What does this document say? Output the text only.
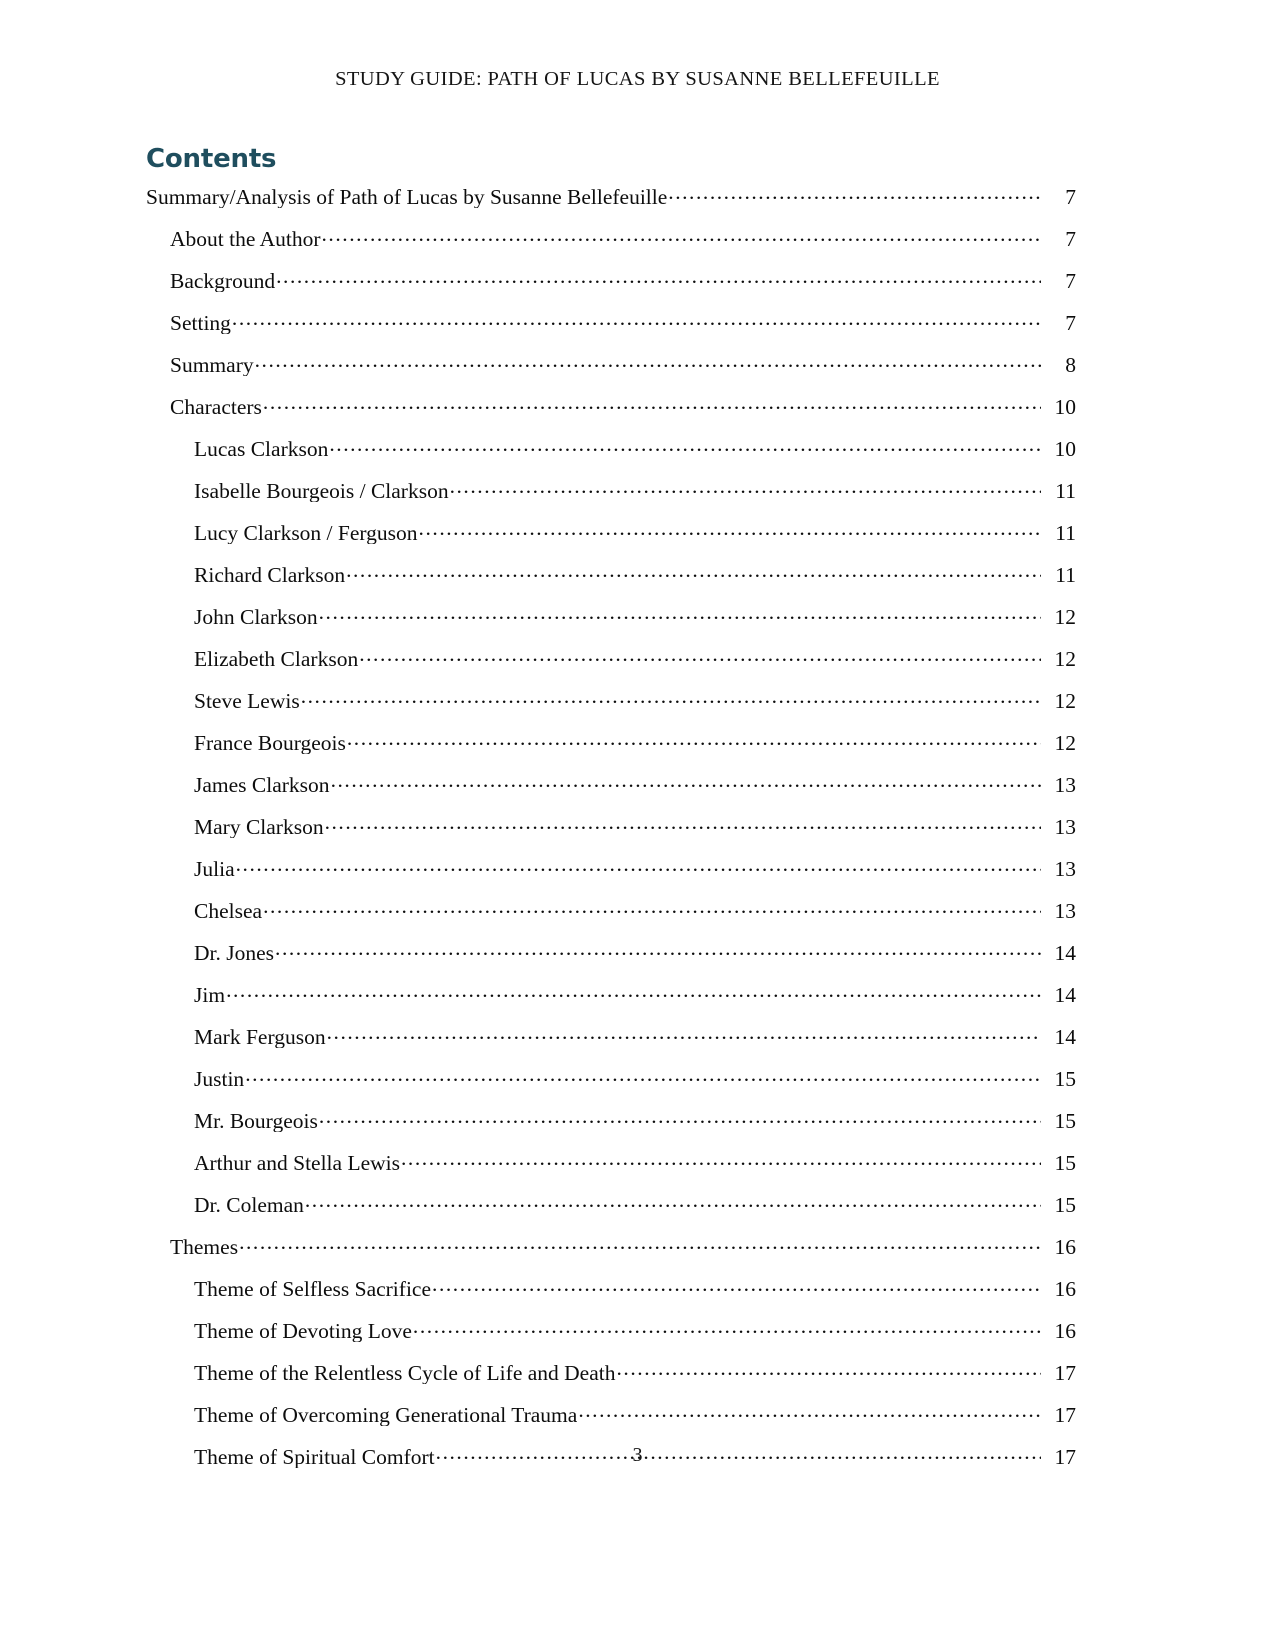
STUDY GUIDE: PATH OF LUCAS BY SUSANNE BELLEFEUILLE
Contents
Summary/Analysis of Path of Lucas by Susanne Bellefeuille .....	7
About the Author .....	7
Background .....	7
Setting .....	7
Summary .....	8
Characters .....	10
Lucas Clarkson .....	10
Isabelle Bourgeois / Clarkson .....	11
Lucy Clarkson / Ferguson .....	11
Richard Clarkson .....	11
John Clarkson .....	12
Elizabeth Clarkson .....	12
Steve Lewis .....	12
France Bourgeois .....	12
James Clarkson .....	13
Mary Clarkson .....	13
Julia .....	13
Chelsea .....	13
Dr. Jones .....	14
Jim .....	14
Mark Ferguson .....	14
Justin .....	15
Mr. Bourgeois .....	15
Arthur and Stella Lewis .....	15
Dr. Coleman .....	15
Themes .....	16
Theme of Selfless Sacrifice .....	16
Theme of Devoting Love .....	16
Theme of the Relentless Cycle of Life and Death .....	17
Theme of Overcoming Generational Trauma .....	17
Theme of Spiritual Comfort .....	17
3
